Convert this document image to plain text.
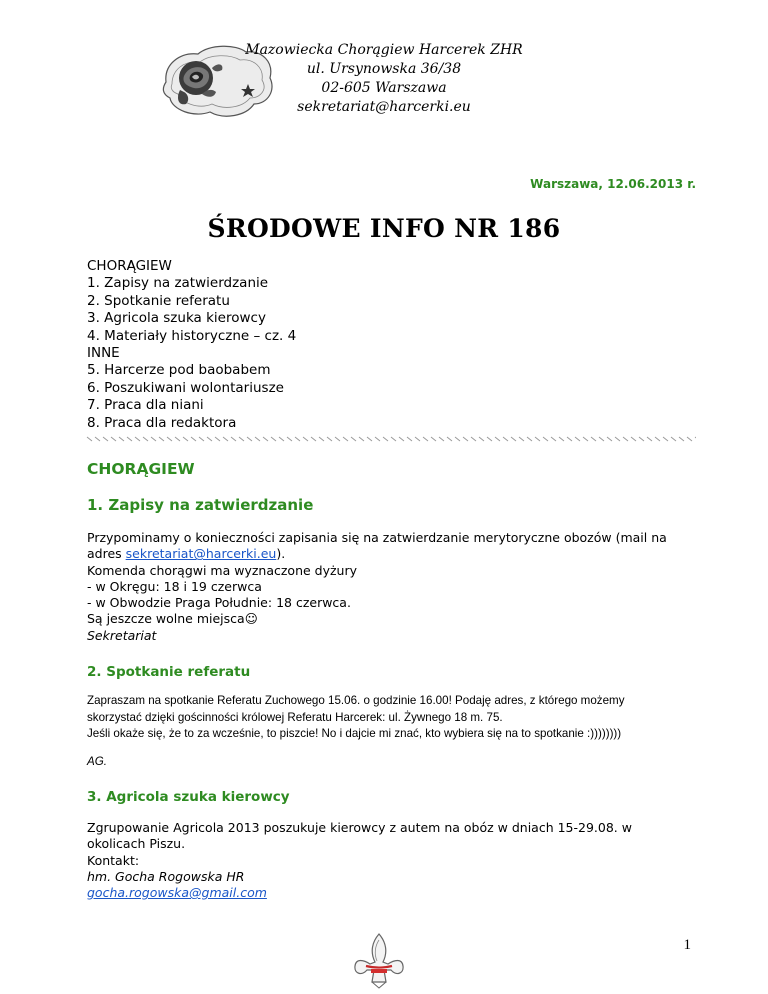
Mazowiecka Chorągiew Harcerek ZHR
ul. Ursynowska 36/38
02-605 Warszawa
sekretariat@harcerki.eu
Warszawa, 12.06.2013 r.
ŚRODOWE INFO NR 186
CHORĄGIEW
1. Zapisy na zatwierdzanie
2. Spotkanie referatu
3. Agricola szuka kierowcy
4. Materiały historyczne – cz. 4
INNE
5. Harcerze pod baobabem
6. Poszukiwani wolontariusze
7. Praca dla niani
8. Praca dla redaktora
CHORĄGIEW
1. Zapisy na zatwierdzanie
Przypominamy o konieczności zapisania się na zatwierdzanie merytoryczne obozów (mail na
adres sekretariat@harcerki.eu).
Komenda chorągwi ma wyznaczone dyżury
- w Okręgu: 18 i 19 czerwca
- w Obwodzie Praga Południe: 18 czerwca.
Są jeszcze wolne miejsca☺
Sekretariat
2. Spotkanie referatu
Zapraszam na spotkanie Referatu Zuchowego 15.06. o godzinie 16.00! Podaję adres, z którego możemy
skorzystać dzięki gościnności królowej Referatu Harcerek: ul. Żywnego 18 m. 75.
Jeśli okaże się, że to za wcześnie, to piszcie! No i dajcie mi znać, kto wybiera się na to spotkanie :))))))))
AG.
3. Agricola szuka kierowcy
Zgrupowanie Agricola 2013 poszukuje kierowcy z autem na obóz w dniach 15-29.08. w
okolicach Piszu.
Kontakt:
hm. Gocha Rogowska HR
gocha.rogowska@gmail.com
1
